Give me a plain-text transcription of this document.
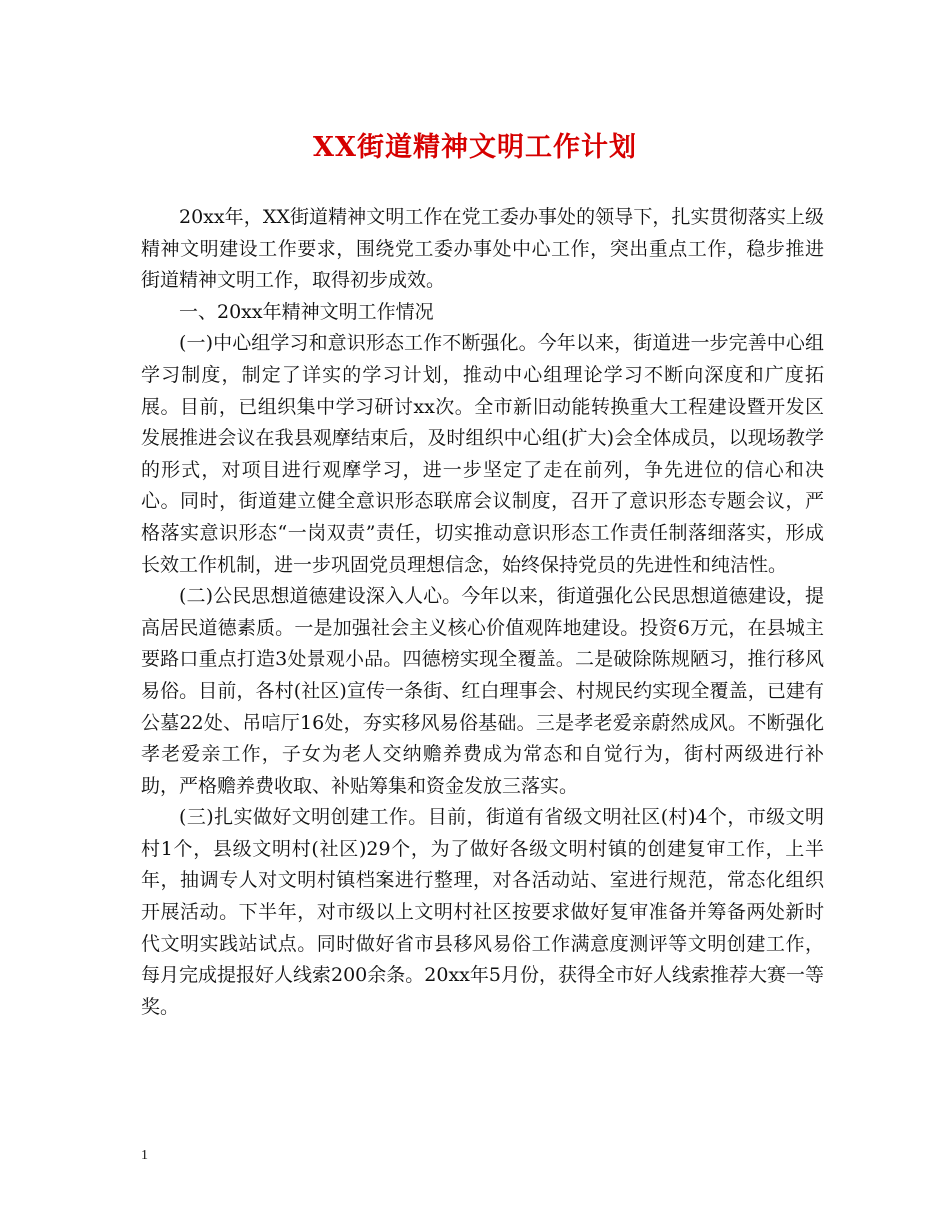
XX街道精神文明工作计划

20xx年，XX街道精神文明工作在党工委办事处的领导下，扎实贯彻落实上级精神文明建设工作要求，围绕党工委办事处中心工作，突出重点工作，稳步推进街道精神文明工作，取得初步成效。

一、20xx年精神文明工作情况

(一)中心组学习和意识形态工作不断强化。今年以来，街道进一步完善中心组学习制度，制定了详实的学习计划，推动中心组理论学习不断向深度和广度拓展。目前，已组织集中学习研讨xx次。全市新旧动能转换重大工程建设暨开发区发展推进会议在我县观摩结束后，及时组织中心组(扩大)会全体成员，以现场教学的形式，对项目进行观摩学习，进一步坚定了走在前列，争先进位的信心和决心。同时，街道建立健全意识形态联席会议制度，召开了意识形态专题会议，严格落实意识形态“一岗双责”责任，切实推动意识形态工作责任制落细落实，形成长效工作机制，进一步巩固党员理想信念，始终保持党员的先进性和纯洁性。

(二)公民思想道德建设深入人心。今年以来，街道强化公民思想道德建设，提高居民道德素质。一是加强社会主义核心价值观阵地建设。投资6万元，在县城主要路口重点打造3处景观小品。四德榜实现全覆盖。二是破除陈规陋习，推行移风易俗。目前，各村(社区)宣传一条街、红白理事会、村规民约实现全覆盖，已建有公墓22处、吊唁厅16处，夯实移风易俗基础。三是孝老爱亲蔚然成风。不断强化孝老爱亲工作，子女为老人交纳赡养费成为常态和自觉行为，街村两级进行补助，严格赡养费收取、补贴筹集和资金发放三落实。

(三)扎实做好文明创建工作。目前，街道有省级文明社区(村)4个，市级文明村1个，县级文明村(社区)29个，为了做好各级文明村镇的创建复审工作，上半年，抽调专人对文明村镇档案进行整理，对各活动站、室进行规范，常态化组织开展活动。下半年，对市级以上文明村社区按要求做好复审准备并筹备两处新时代文明实践站试点。同时做好省市县移风易俗工作满意度测评等文明创建工作，每月完成提报好人线索200余条。20xx年5月份，获得全市好人线索推荐大赛一等奖。

1
